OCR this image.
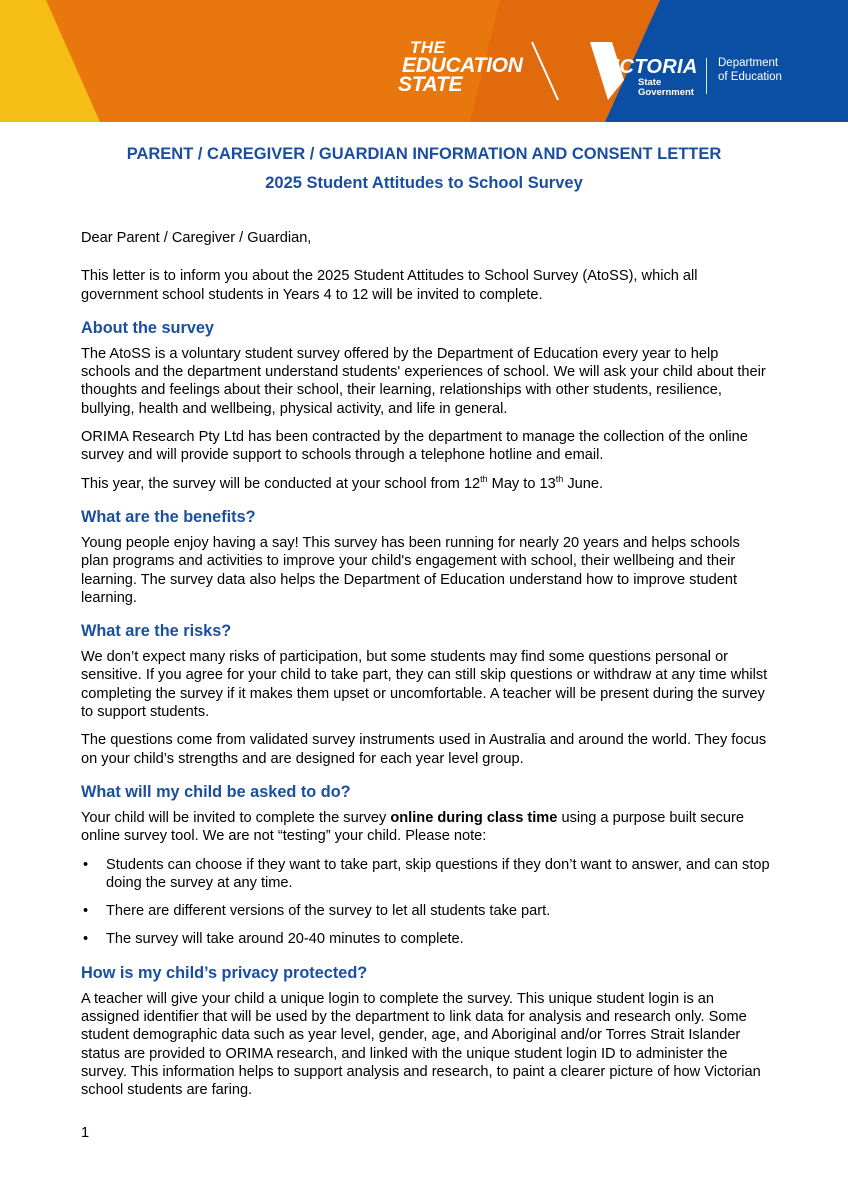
THE
EDUCATION
STATE
VICTORIA
State
Government
Department
of Education
PARENT / CAREGIVER / GUARDIAN INFORMATION AND CONSENT LETTER
2025 Student Attitudes to School Survey

Dear Parent / Caregiver / Guardian,

This letter is to inform you about the 2025 Student Attitudes to School Survey (AtoSS), which all government school students in Years 4 to 12 will be invited to complete.

About the survey

The AtoSS is a voluntary student survey offered by the Department of Education every year to help schools and the department understand students' experiences of school. We will ask your child about their thoughts and feelings about their school, their learning, relationships with other students, resilience, bullying, health and wellbeing, physical activity, and life in general.

ORIMA Research Pty Ltd has been contracted by the department to manage the collection of the online survey and will provide support to schools through a telephone hotline and email.

This year, the survey will be conducted at your school from 12th May to 13th June.

What are the benefits?

Young people enjoy having a say! This survey has been running for nearly 20 years and helps schools plan programs and activities to improve your child's engagement with school, their wellbeing and their learning. The survey data also helps the Department of Education understand how to improve student learning.

What are the risks?

We don’t expect many risks of participation, but some students may find some questions personal or sensitive. If you agree for your child to take part, they can still skip questions or withdraw at any time whilst completing the survey if it makes them upset or uncomfortable. A teacher will be present during the survey to support students.

The questions come from validated survey instruments used in Australia and around the world. They focus on your child’s strengths and are designed for each year level group.

What will my child be asked to do?

Your child will be invited to complete the survey online during class time using a purpose built secure online survey tool. We are not “testing” your child. Please note:

• Students can choose if they want to take part, skip questions if they don’t want to answer, and can stop doing the survey at any time.
• There are different versions of the survey to let all students take part.
• The survey will take around 20-40 minutes to complete.
How is my child’s privacy protected?

A teacher will give your child a unique login to complete the survey. This unique student login is an assigned identifier that will be used by the department to link data for analysis and research only. Some student demographic data such as year level, gender, age, and Aboriginal and/or Torres Strait Islander status are provided to ORIMA research, and linked with the unique student login ID to administer the survey. This information helps to support analysis and research, to paint a clearer picture of how Victorian school students are faring.

1
